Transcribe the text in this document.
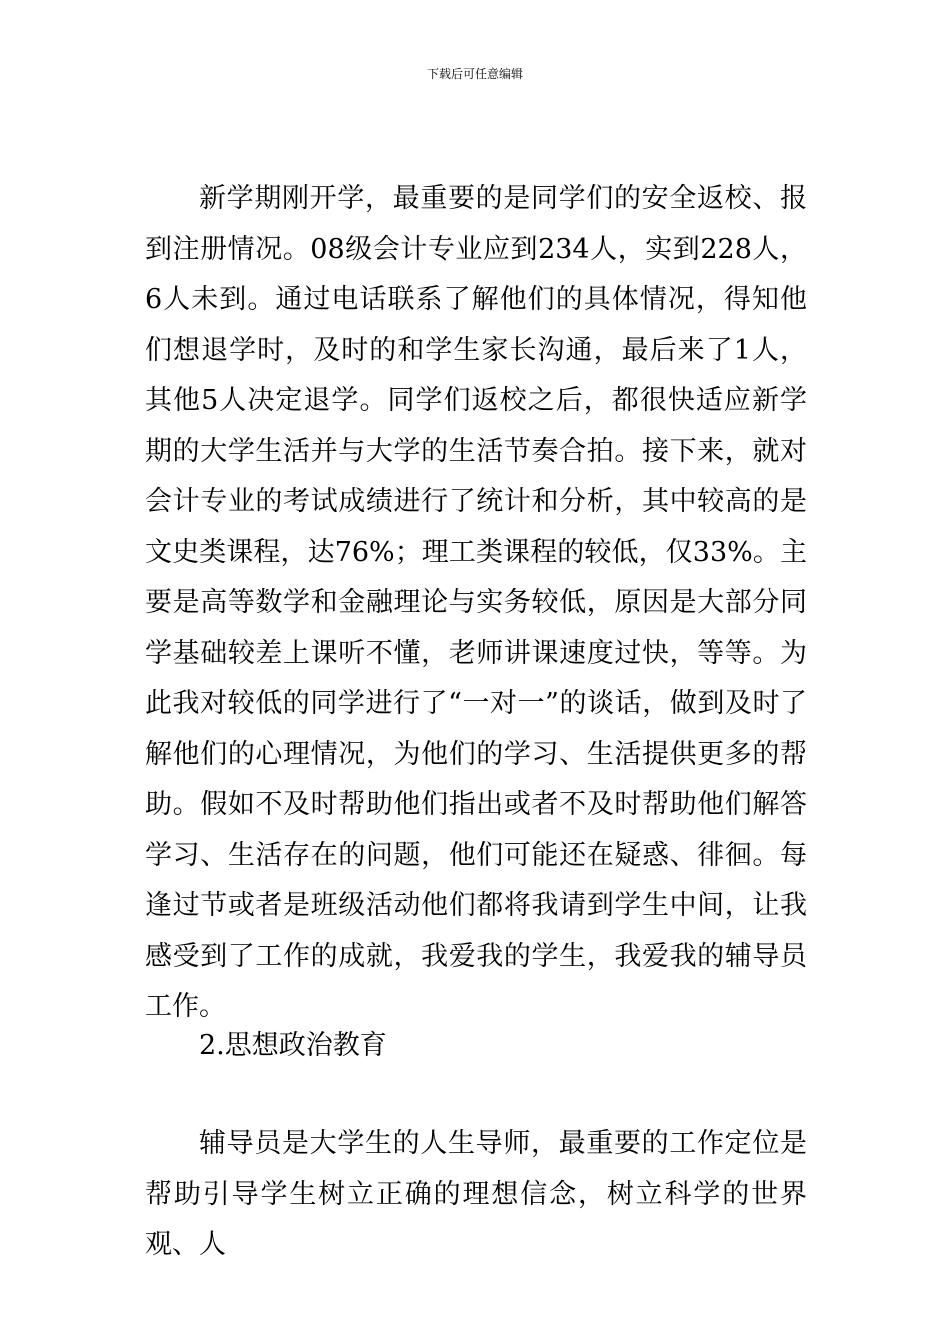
下载后可任意编辑

新学期刚开学，最重要的是同学们的安全返校、报到注册情况。08级会计专业应到234人，实到228人，6人未到。通过电话联系了解他们的具体情况，得知他们想退学时，及时的和学生家长沟通，最后来了1人，其他5人决定退学。同学们返校之后，都很快适应新学期的大学生活并与大学的生活节奏合拍。接下来，就对会计专业的考试成绩进行了统计和分析，其中较高的是文史类课程，达76%；理工类课程的较低，仅33%。主要是高等数学和金融理论与实务较低，原因是大部分同学基础较差上课听不懂，老师讲课速度过快，等等。为此我对较低的同学进行了“一对一”的谈话，做到及时了解他们的心理情况，为他们的学习、生活提供更多的帮助。假如不及时帮助他们指出或者不及时帮助他们解答学习、生活存在的问题，他们可能还在疑惑、徘徊。每逢过节或者是班级活动他们都将我请到学生中间，让我感受到了工作的成就，我爱我的学生，我爱我的辅导员工作。

2.思想政治教育

辅导员是大学生的人生导师，最重要的工作定位是帮助引导学生树立正确的理想信念，树立科学的世界观、人
